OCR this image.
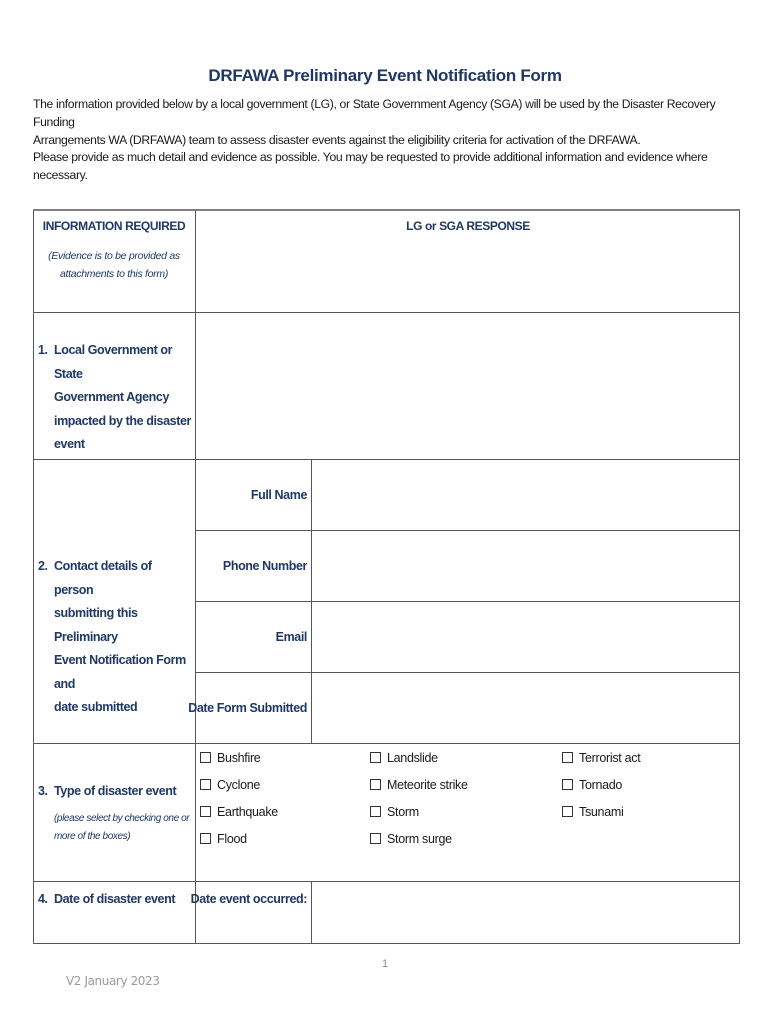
DRFAWA Preliminary Event Notification Form
The information provided below by a local government (LG), or State Government Agency (SGA) will be used by the Disaster Recovery Funding
Arrangements WA (DRFAWA) team to assess disaster events against the eligibility criteria for activation of the DRFAWA.
Please provide as much detail and evidence as possible. You may be requested to provide additional information and evidence where necessary.
INFORMATION REQUIRED
(Evidence is to be provided as
attachments to this form)
LG or SGA RESPONSE
1. Local Government or State
Government Agency
impacted by the disaster
event
2. Contact details of person
submitting this Preliminary
Event Notification Form and
date submitted
Full Name
Phone Number
Email
Date Form Submitted
3. Type of disaster event
(please select by checking one or
more of the boxes)
Bushfire
Cyclone
Earthquake
Flood
Landslide
Meteorite strike
Storm
Storm surge
Terrorist act
Tornado
Tsunami
4. Date of disaster event	Date event occurred:
1
V2 January 2023
